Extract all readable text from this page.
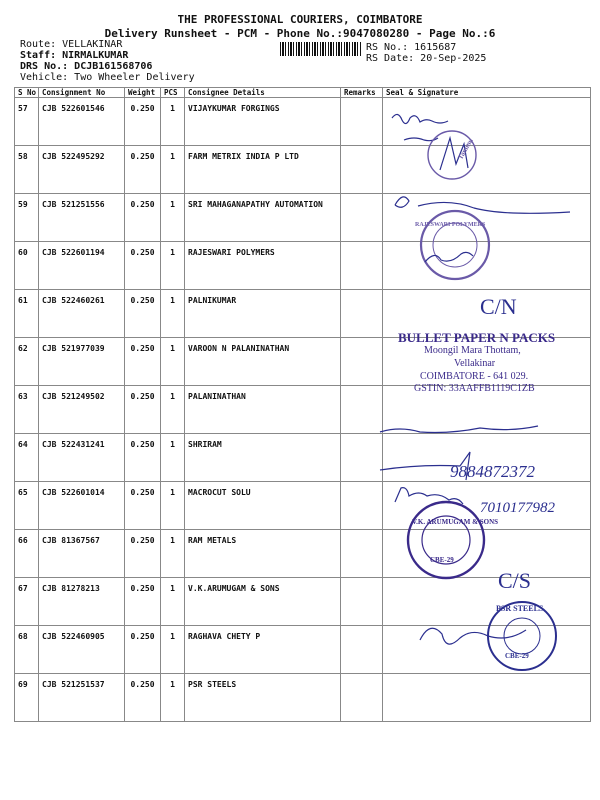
THE PROFESSIONAL COURIERS, COIMBATORE
Delivery Runsheet - PCM - Phone No.:9047080280 - Page No.:6
Route: VELLAKINAR
Staff: NIRMALKUMAR
DRS No.: DCJB161568706
Vehicle: Two Wheeler Delivery
RS No.: 1615687
RS Date: 20-Sep-2025
S No	Consignment No	Weight	PCS	Consignee Details	Remarks	Seal & Signature
57	CJB 522601546	0.250	1	VIJAYKUMAR FORGINGS		
58	CJB 522495292	0.250	1	FARM METRIX INDIA P LTD		
59	CJB 521251556	0.250	1	SRI MAHAGANAPATHY AUTOMATION		
60	CJB 522601194	0.250	1	RAJESWARI POLYMERS		
61	CJB 522460261	0.250	1	PALNIKUMAR		
62	CJB 521977039	0.250	1	VAROON N PALANINATHAN		
63	CJB 521249502	0.250	1	PALANINATHAN		
64	CJB 522431241	0.250	1	SHRIRAM		
65	CJB 522601014	0.250	1	MACROCUT SOLU		
66	CJB 81367567	0.250	1	RAM METALS		
67	CJB 81278213	0.250	1	V.K.ARUMUGAM & SONS		
68	CJB 522460905	0.250	1	RAGHAVA CHETY P		
69	CJB 521251537	0.250	1	PSR STEELS		
Tammu
RAJESWARI POLYMERS
C/N
BULLET PAPER N PACKS
Moongil Mara Thottam,
Vellakinar
COIMBATORE - 641 029.
GSTIN: 33AAFFB1119C1ZB
9884872372
7010177982
V.K. ARUMUGAM & SONS
CBE-29
C/S
PSR STEELS
CBE-29
